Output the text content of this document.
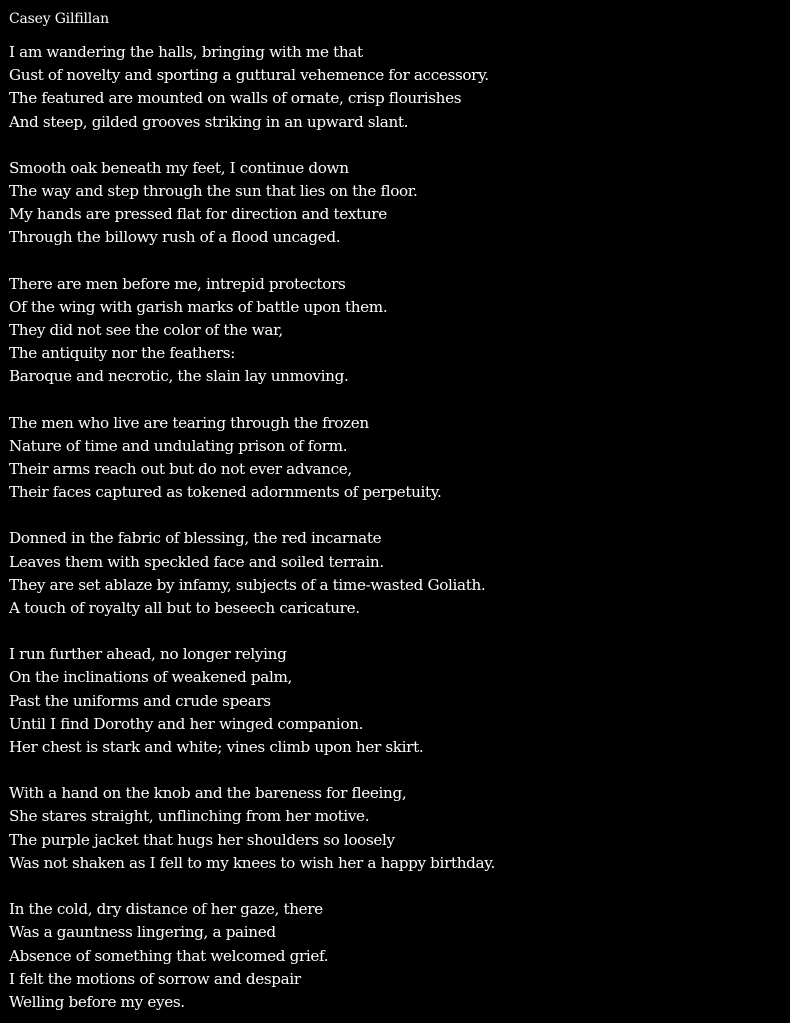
Casey Gilfillan
I am wandering the halls, bringing with me that
Gust of novelty and sporting a guttural vehemence for accessory.
The featured are mounted on walls of ornate, crisp flourishes
And steep, gilded grooves striking in an upward slant.
Smooth oak beneath my feet, I continue down
The way and step through the sun that lies on the floor.
My hands are pressed flat for direction and texture
Through the billowy rush of a flood uncaged.
There are men before me, intrepid protectors
Of the wing with garish marks of battle upon them.
They did not see the color of the war,
The antiquity nor the feathers:
Baroque and necrotic, the slain lay unmoving.
The men who live are tearing through the frozen
Nature of time and undulating prison of form.
Their arms reach out but do not ever advance,
Their faces captured as tokened adornments of perpetuity.
Donned in the fabric of blessing, the red incarnate
Leaves them with speckled face and soiled terrain.
They are set ablaze by infamy, subjects of a time-wasted Goliath.
A touch of royalty all but to beseech caricature.
I run further ahead, no longer relying
On the inclinations of weakened palm,
Past the uniforms and crude spears
Until I find Dorothy and her winged companion.
Her chest is stark and white; vines climb upon her skirt.
With a hand on the knob and the bareness for fleeing,
She stares straight, unflinching from her motive.
The purple jacket that hugs her shoulders so loosely
Was not shaken as I fell to my knees to wish her a happy birthday.
In the cold, dry distance of her gaze, there
Was a gauntness lingering, a pained
Absence of something that welcomed grief.
I felt the motions of sorrow and despair
Welling before my eyes.
